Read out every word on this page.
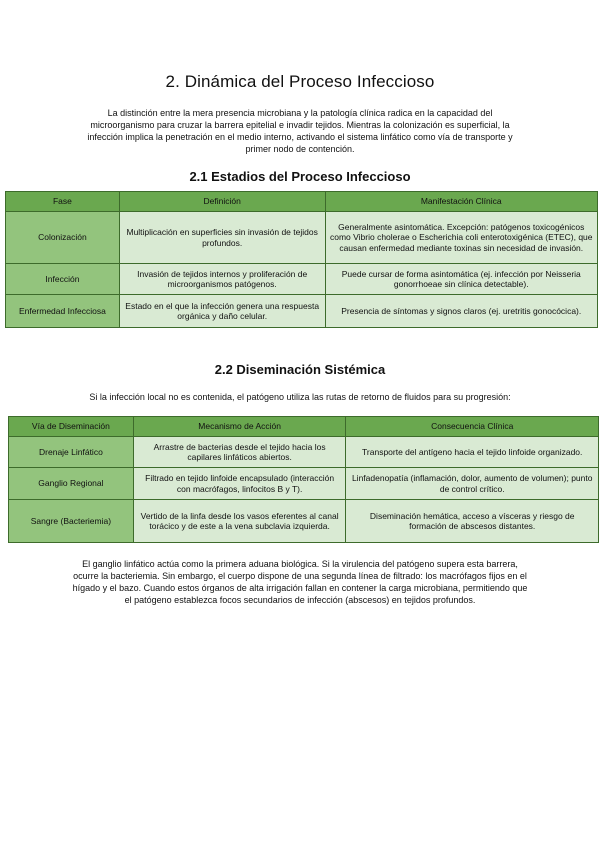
2. Dinámica del Proceso Infeccioso
La distinción entre la mera presencia microbiana y la patología clínica radica en la capacidad del microorganismo para cruzar la barrera epitelial e invadir tejidos. Mientras la colonización es superficial, la infección implica la penetración en el medio interno, activando el sistema linfático como vía de transporte y primer nodo de contención.
2.1 Estadios del Proceso Infeccioso
Fase	Definición	Manifestación Clínica
Colonización	Multiplicación en superficies sin invasión de tejidos profundos.	Generalmente asintomática. Excepción: patógenos toxicogénicos como Vibrio cholerae o Escherichia coli enterotoxigénica (ETEC), que causan enfermedad mediante toxinas sin necesidad de invasión.
Infección	Invasión de tejidos internos y proliferación de microorganismos patógenos.	Puede cursar de forma asintomática (ej. infección por Neisseria gonorrhoeae sin clínica detectable).
Enfermedad Infecciosa	Estado en el que la infección genera una respuesta orgánica y daño celular.	Presencia de síntomas y signos claros (ej. uretritis gonocócica).
2.2 Diseminación Sistémica
Si la infección local no es contenida, el patógeno utiliza las rutas de retorno de fluidos para su progresión:
Vía de Diseminación	Mecanismo de Acción	Consecuencia Clínica
Drenaje Linfático	Arrastre de bacterias desde el tejido hacia los capilares linfáticos abiertos.	Transporte del antígeno hacia el tejido linfoide organizado.
Ganglio Regional	Filtrado en tejido linfoide encapsulado (interacción con macrófagos, linfocitos B y T).	Linfadenopatía (inflamación, dolor, aumento de volumen); punto de control crítico.
Sangre (Bacteriemia)	Vertido de la linfa desde los vasos eferentes al canal torácico y de este a la vena subclavia izquierda.	Diseminación hemática, acceso a vísceras y riesgo de formación de abscesos distantes.
El ganglio linfático actúa como la primera aduana biológica. Si la virulencia del patógeno supera esta barrera, ocurre la bacteriemia. Sin embargo, el cuerpo dispone de una segunda línea de filtrado: los macrófagos fijos en el hígado y el bazo. Cuando estos órganos de alta irrigación fallan en contener la carga microbiana, permitiendo que el patógeno establezca focos secundarios de infección (abscesos) en tejidos profundos.
